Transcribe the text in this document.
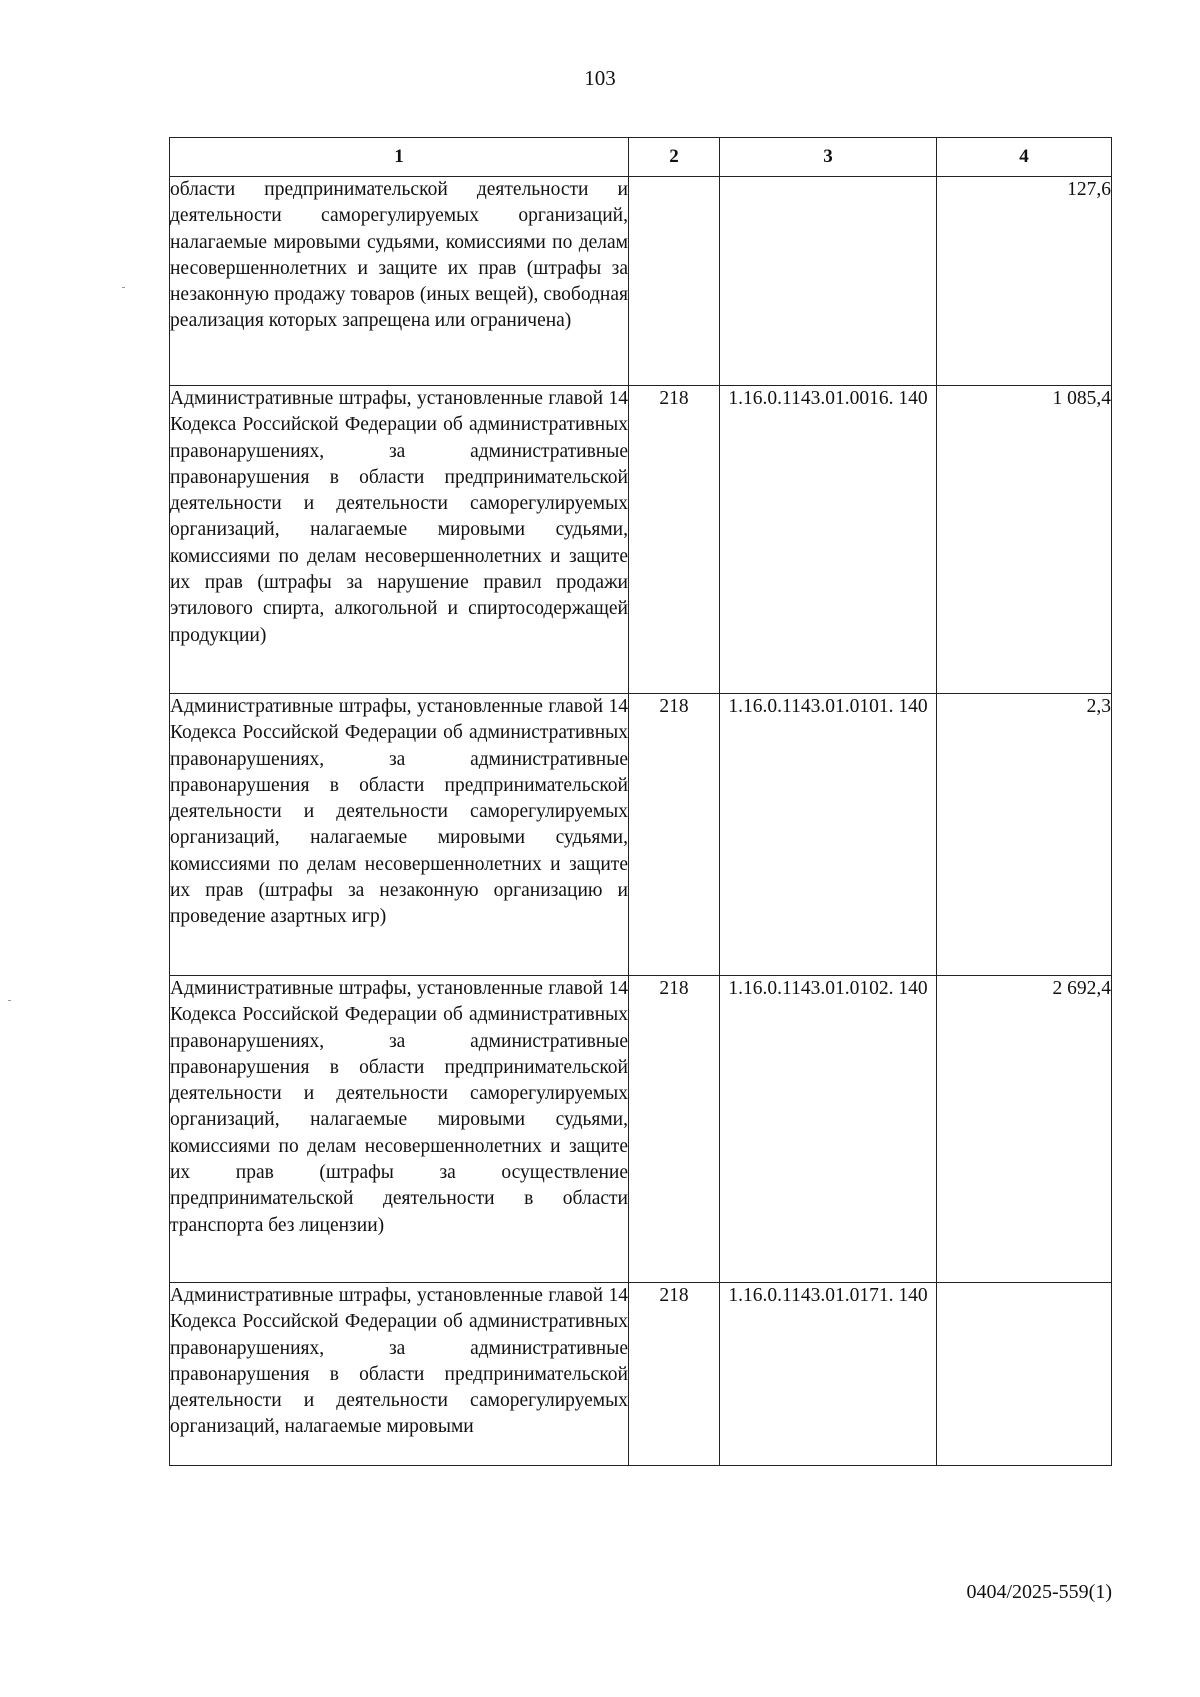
103
1	2	3	4
области предпринимательской деятельности и деятельности саморегулируемых организаций, налагаемые мировыми судьями, комиссиями по делам несовершеннолетних и защите их прав (штрафы за незаконную продажу товаров (иных вещей), свободная реализация которых запрещена или ограничена)			127,6
Административные штрафы, установленные главой 14 Кодекса Российской Федерации об административных правонарушениях, за административные правонарушения в области предпринимательской деятельности и деятельности саморегулируемых организаций, налагаемые мировыми судьями, комиссиями по делам несовершеннолетних и защите их прав (штрафы за нарушение правил продажи этилового спирта, алкогольной и спиртосодержащей продукции)	218	1.16.0.1143.01.0016. 140	1 085,4
Административные штрафы, установленные главой 14 Кодекса Российской Федерации об административных правонарушениях, за административные правонарушения в области предпринимательской деятельности и деятельности саморегулируемых организаций, налагаемые мировыми судьями, комиссиями по делам несовершеннолетних и защите их прав (штрафы за незаконную организацию и проведение азартных игр)	218	1.16.0.1143.01.0101. 140	2,3
Административные штрафы, установленные главой 14 Кодекса Российской Федерации об административных правонарушениях, за административные правонарушения в области предпринимательской деятельности и деятельности саморегулируемых организаций, налагаемые мировыми судьями, комиссиями по делам несовершеннолетних и защите их прав (штрафы за осуществление предпринимательской деятельности в области транспорта без лицензии)	218	1.16.0.1143.01.0102. 140	2 692,4
Административные штрафы, установленные главой 14 Кодекса Российской Федерации об административных правонарушениях, за административные правонарушения в области предпринимательской деятельности и деятельности саморегулируемых организаций, налагаемые мировыми	218	1.16.0.1143.01.0171. 140	
0404/2025-559(1)
